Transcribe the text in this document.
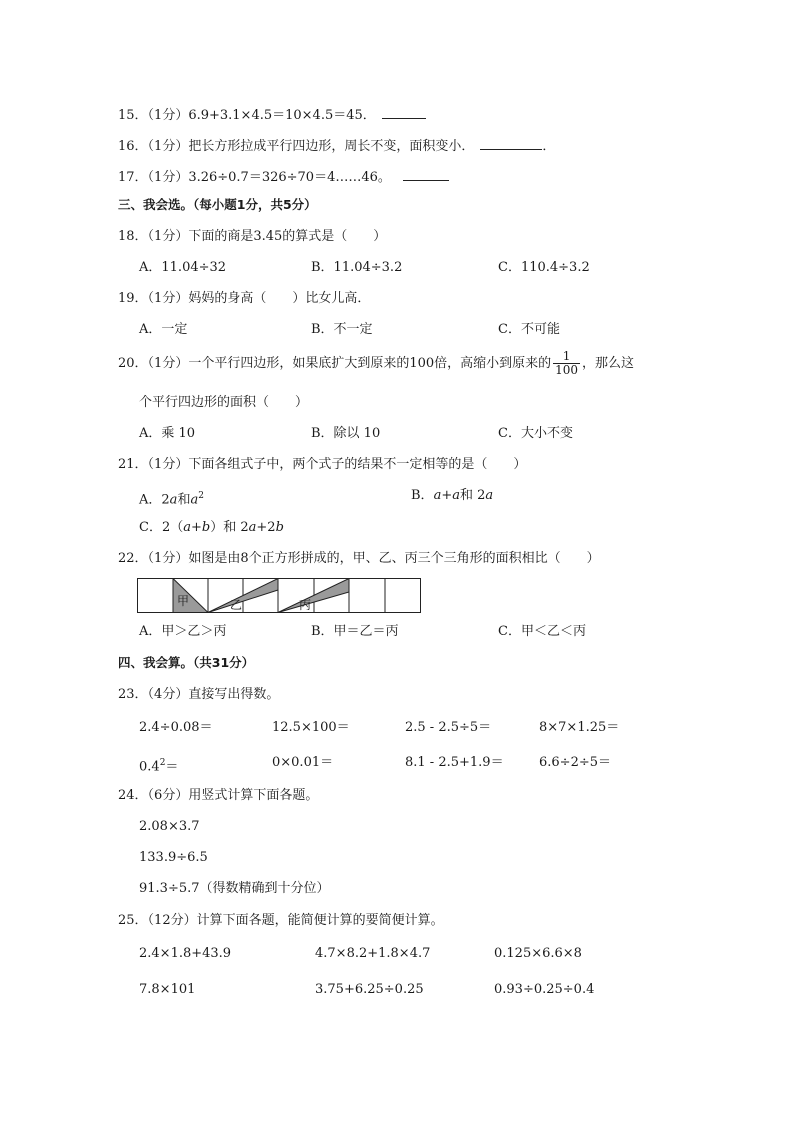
15．（1分）6.9+3.1×4.5＝10×4.5＝45．
16．（1分）把长方形拉成平行四边形，周长不变，面积变小．	．
17．（1分）3.26÷0.7＝326÷70＝4……46。
三、我会选。（每小题1分，共5分）
18．（1分）下面的商是3.45的算式是（　　）
A．11.04÷32	B．11.04÷3.2	C．110.4÷3.2
19．（1分）妈妈的身高（　　）比女儿高．
A．一定	B．不一定	C．不可能
20．（1分）一个平行四边形，如果底扩大到原来的100倍，高缩小到原来的 $\frac{1}{100}$ ，那么这
个平行四边形的面积（　　）
A．乘 10	B．除以 10	C．大小不变
21．（1分）下面各组式子中，两个式子的结果不一定相等的是（　　）
A．2a和$a^2$	B．a+a和 2a
C．2（a+b）和 2a+2b
22．（1分）如图是由8个正方形拼成的，甲、乙、丙三个三角形的面积相比（　　）
甲	乙	丙
A．甲＞乙＞丙	B．甲＝乙＝丙	C．甲＜乙＜丙
四、我会算。（共31分）
23．（4分）直接写出得数。
2.4÷0.08＝	12.5×100＝	2.5 - 2.5÷5＝	8×7×1.25＝
$0.4^2=$	0×0.01＝	8.1 - 2.5+1.9＝	6.6÷2÷5＝
24．（6分）用竖式计算下面各题。
2.08×3.7
133.9÷6.5
91.3÷5.7（得数精确到十分位）
25．（12分）计算下面各题，能简便计算的要简便计算。
2.4×1.8+43.9	4.7×8.2+1.8×4.7	0.125×6.6×8
7.8×101	3.75+6.25÷0.25	0.93÷0.25÷0.4
